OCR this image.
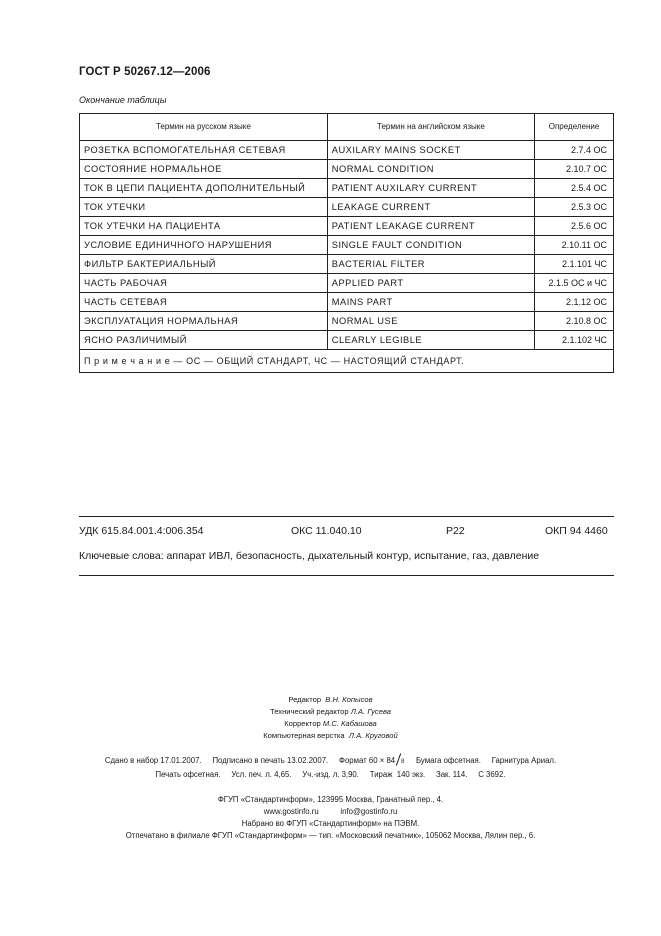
ГОСТ Р 50267.12—2006
Окончание таблицы
Термин на русском языке	Термин на английском языке	Определение
РОЗЕТКА ВСПОМОГАТЕЛЬНАЯ СЕТЕВАЯ	AUXILARY MAINS SOCKET	2.7.4 ОС
СОСТОЯНИЕ НОРМАЛЬНОЕ	NORMAL CONDITION	2.10.7 ОС
ТОК В ЦЕПИ ПАЦИЕНТА ДОПОЛНИТЕЛЬНЫЙ	PATIENT AUXILARY CURRENT	2.5.4 ОС
ТОК УТЕЧКИ	LEAKAGE CURRENT	2.5.3 ОС
ТОК УТЕЧКИ НА ПАЦИЕНТА	PATIENT LEAKAGE CURRENT	2.5.6 ОС
УСЛОВИЕ ЕДИНИЧНОГО НАРУШЕНИЯ	SINGLE FAULT CONDITION	2.10.11 ОС
ФИЛЬТР БАКТЕРИАЛЬНЫЙ	BACTERIAL FILTER	2.1.101 ЧС
ЧАСТЬ РАБОЧАЯ	APPLIED PART	2.1.5 ОС и ЧС
ЧАСТЬ СЕТЕВАЯ	MAINS PART	2.1.12 ОС
ЭКСПЛУАТАЦИЯ НОРМАЛЬНАЯ	NORMAL USE	2.10.8 ОС
ЯСНО РАЗЛИЧИМЫЙ	CLEARLY LEGIBLE	2.1.102 ЧС
П р и м е ч а н и е — ОС — ОБЩИЙ СТАНДАРТ, ЧС — НАСТОЯЩИЙ СТАНДАРТ.		
УДК 615.84.001.4:006.354	ОКС 11.040.10	Р22	ОКП 94 4460
Ключевые слова: аппарат ИВЛ, безопасность, дыхательный контур, испытание, газ, давление
Редактор В.Н. Копысов
Технический редактор Л.А. Гусева
Корректор М.С. Кабашова
Компьютерная верстка Л.А. Круговой
Сдано в набор 17.01.2007.     Подписано в печать 13.02.2007.     Формат 60 × 84 8 Бумага офсетная.     Гарнитура Ариал.
Печать офсетная.     Усл. печ. л. 4,65.     Уч.-изд. л. 3,90.     Тираж  140 экз.     Зак. 114.     С 3692.
ФГУП «Стандартинформ», 123995 Москва, Гранатный пер., 4.
www.gostinfo.ru          info@gostinfo.ru
Набрано во ФГУП «Стандартинформ» на ПЭВМ.
Отпечатано в филиале ФГУП «Стандартинформ» — тип. «Московский печатник», 105062 Москва, Лялин пер., 6.
